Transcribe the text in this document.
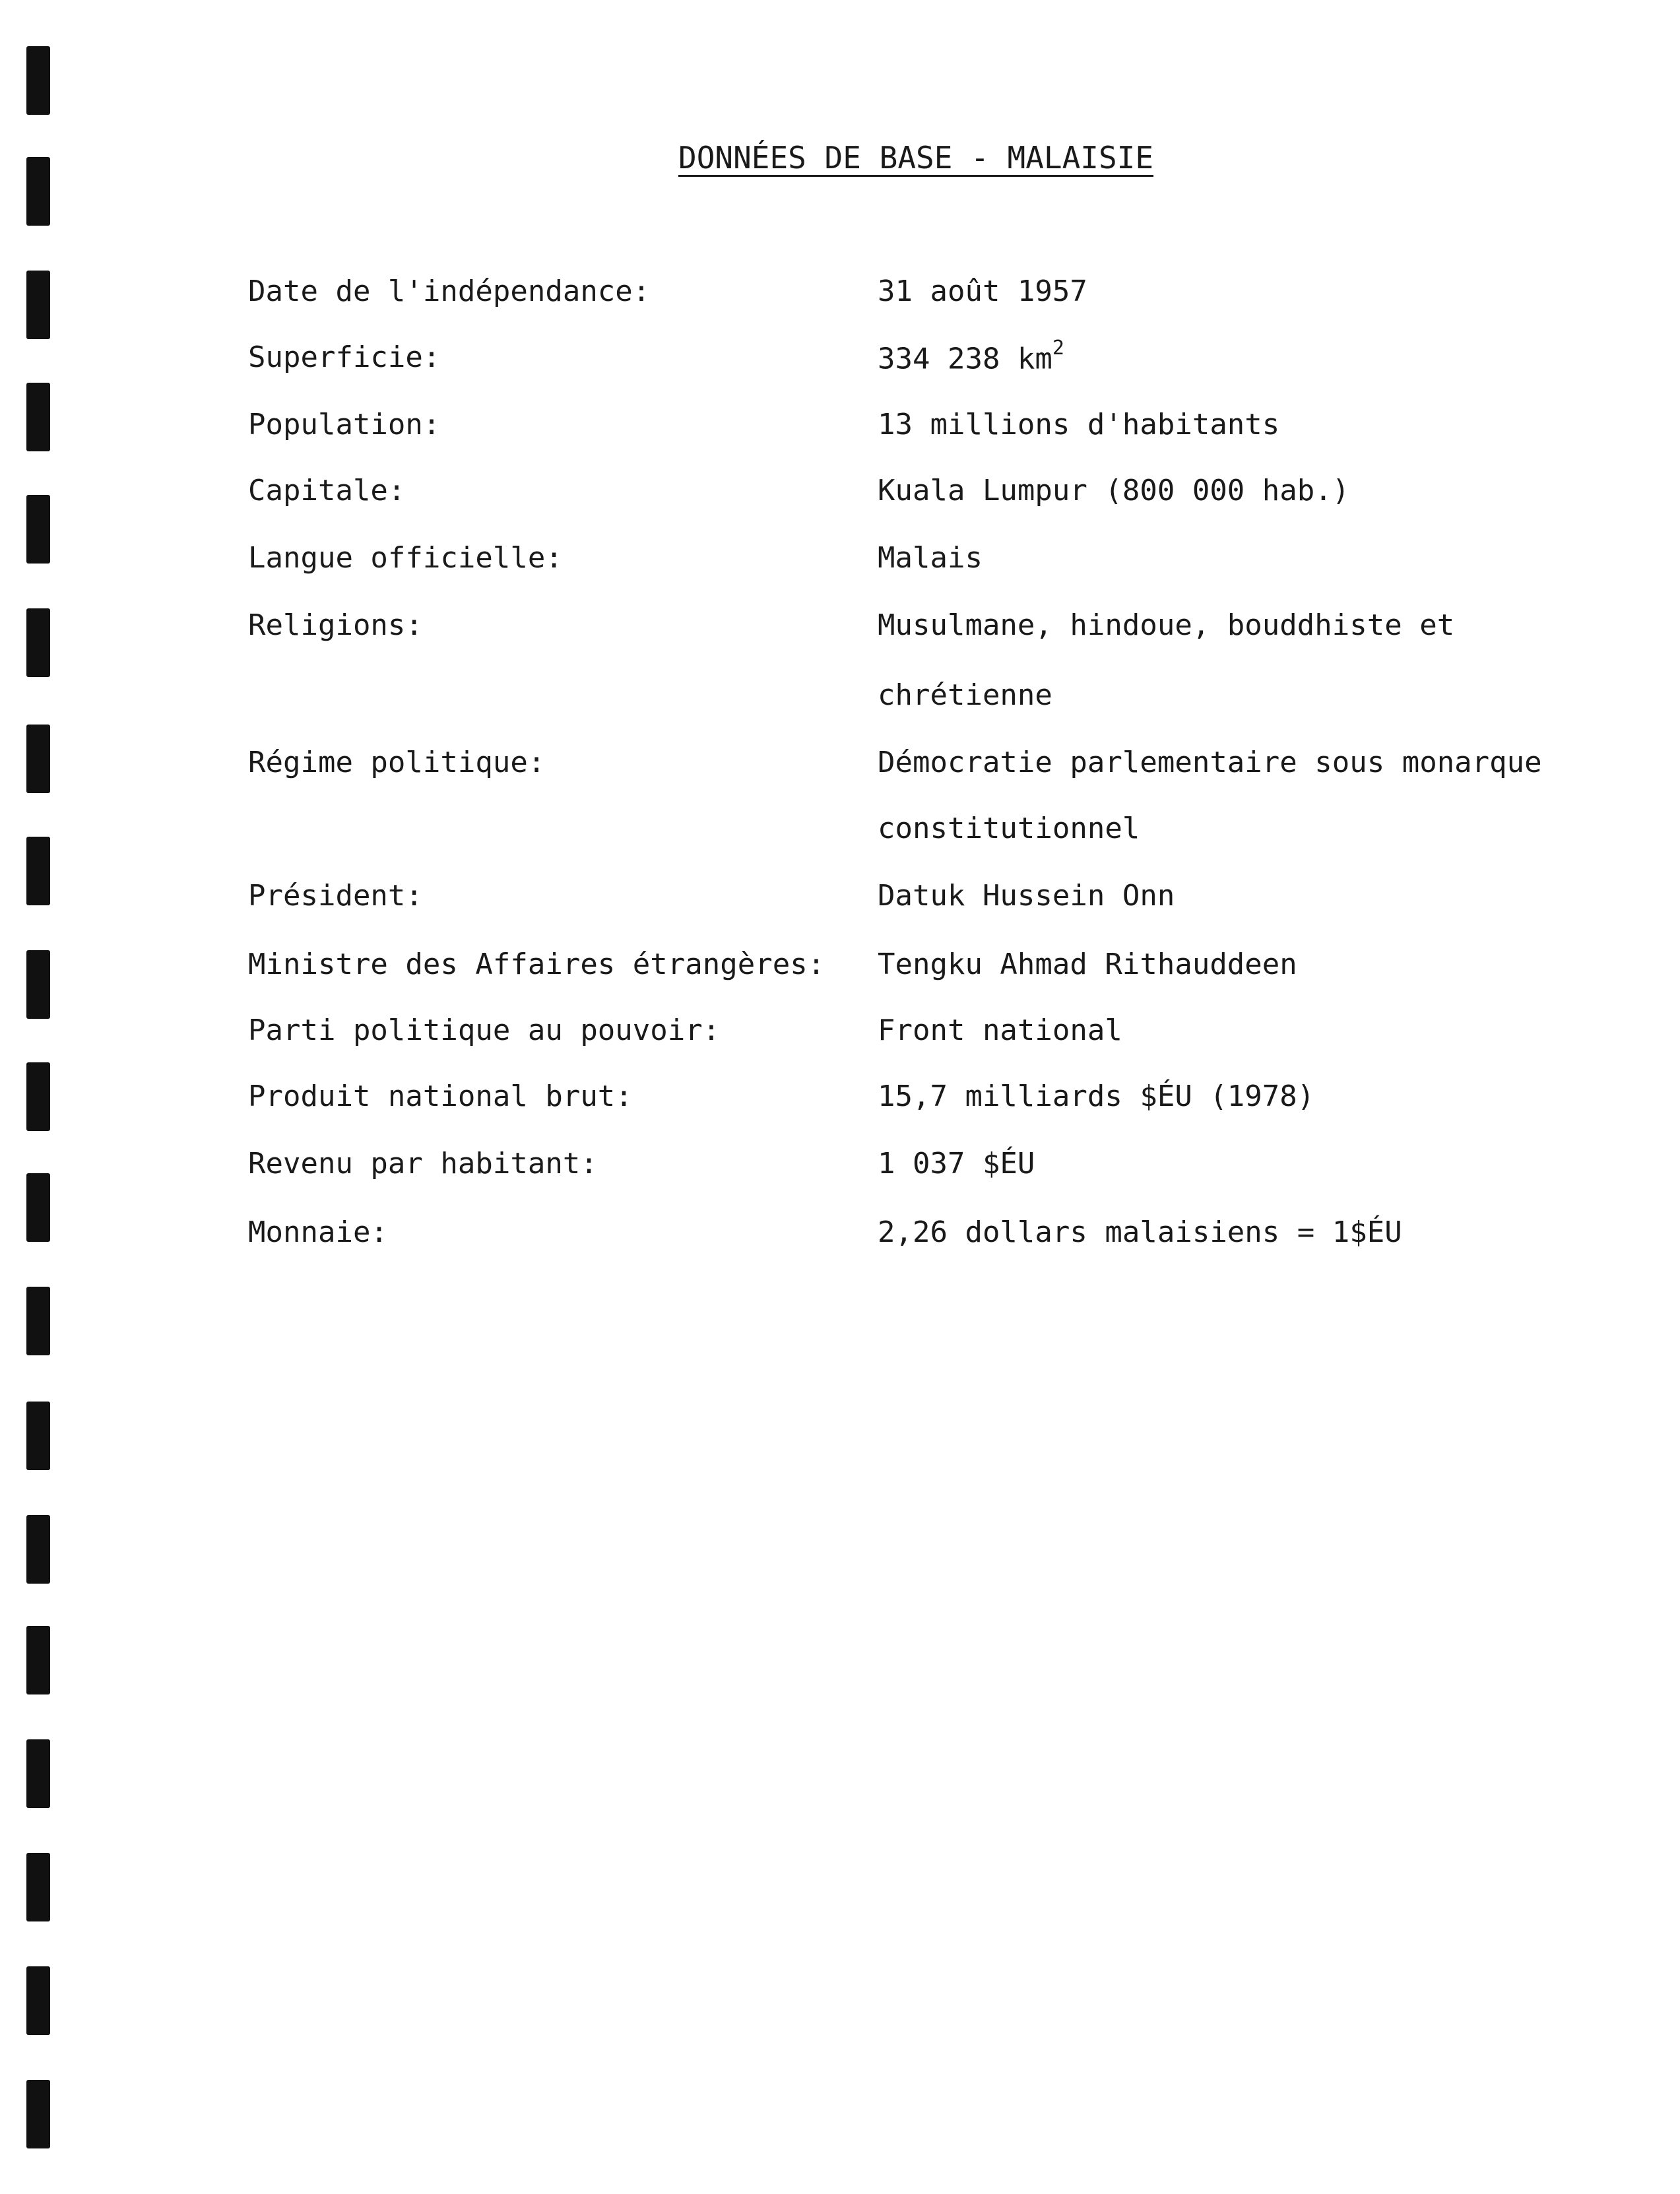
DONNÉES DE BASE - MALAISIE
Date de l'indépendance:	31 août 1957
Superficie:	334 238 $km^2$
Population:	13 millions d'habitants
Capitale:	Kuala Lumpur (800 000 hab.)
Langue officielle:	Malais
Religions:	Musulmane, hindoue, bouddhiste et
chrétienne
Régime politique:	Démocratie parlementaire sous monarque
constitutionnel
Président:	Datuk Hussein Onn
Ministre des Affaires étrangères: Tengku Ahmad Rithauddeen
Parti politique au pouvoir:	Front national
Produit national brut:	15,7 milliards $ÉU (1978)
Revenu par habitant:	1 037 $ÉU
Monnaie:	2,26 dollars malaisiens = 1$ÉU
